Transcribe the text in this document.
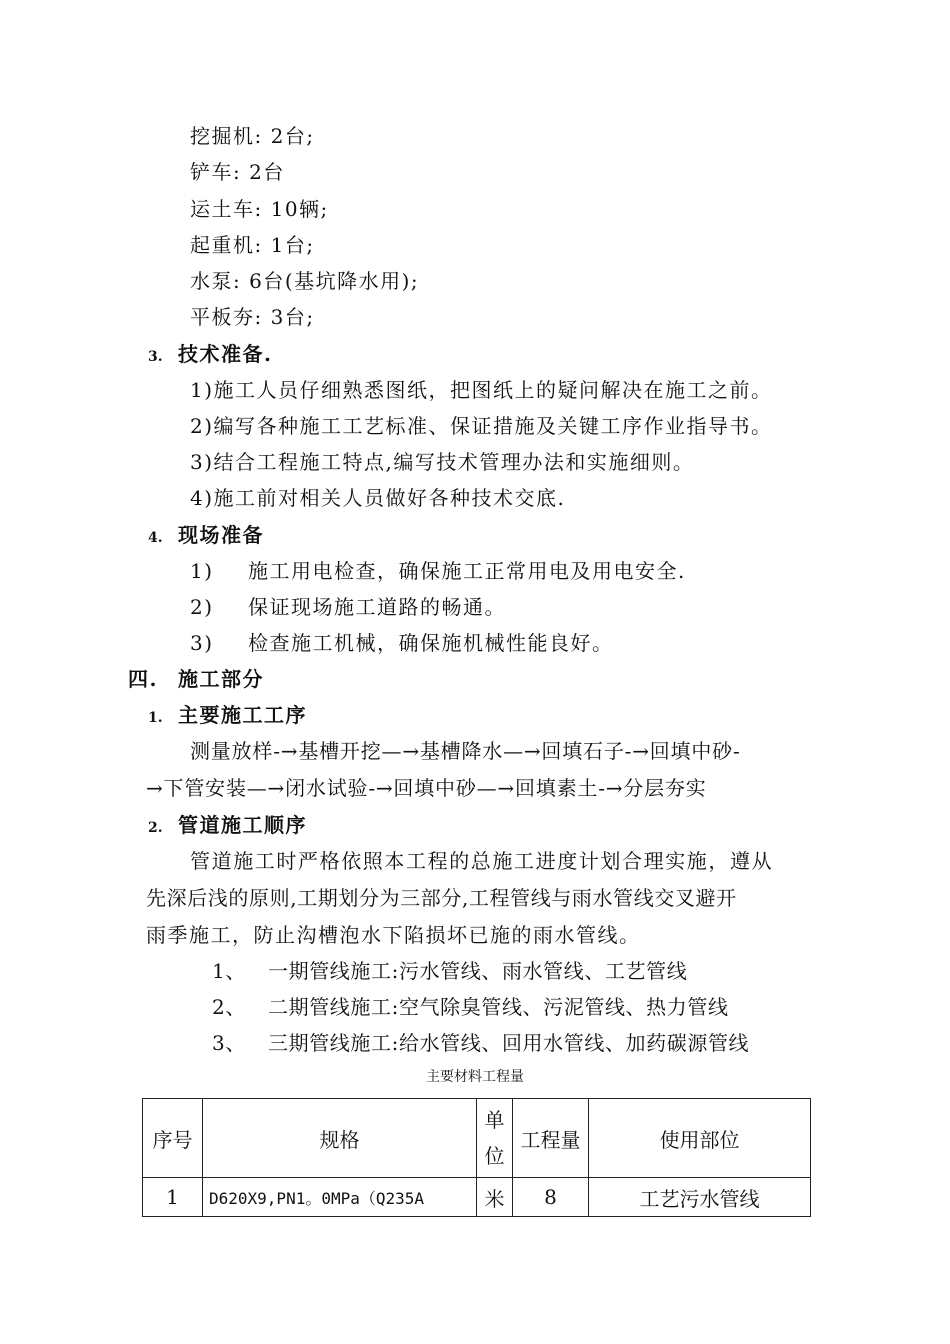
挖掘机: 2台;
铲车: 2台
运土车: 10辆;
起重机: 1台;
水泵: 6台(基坑降水用);
平板夯: 3台;
3. 技术准备.
1)施工人员仔细熟悉图纸，把图纸上的疑问解决在施工之前。
2)编写各种施工工艺标准、保证措施及关键工序作业指导书。
3)结合工程施工特点,编写技术管理办法和实施细则。
4)施工前对相关人员做好各种技术交底.
4. 现场准备
1) 施工用电检查，确保施工正常用电及用电安全.
2) 保证现场施工道路的畅通。
3) 检查施工机械，确保施机械性能良好。
四. 施工部分
1. 主要施工工序
测量放样-→基槽开挖—→基槽降水—→回填石子-→回填中砂-
→下管安装—→闭水试验-→回填中砂—→回填素土-→分层夯实
2. 管道施工顺序
管道施工时严格依照本工程的总施工进度计划合理实施，遵从
先深后浅的原则,工期划分为三部分,工程管线与雨水管线交叉避开
雨季施工，防止沟槽泡水下陷损坏已施的雨水管线。
1、 一期管线施工:污水管线、雨水管线、工艺管线
2、 二期管线施工:空气除臭管线、污泥管线、热力管线
3、 三期管线施工:给水管线、回用水管线、加药碳源管线
主要材料工程量
序号	规格	单位	工程量	使用部位
1	D620X9,PN1。0MPa（Q235A	米	8	工艺污水管线
